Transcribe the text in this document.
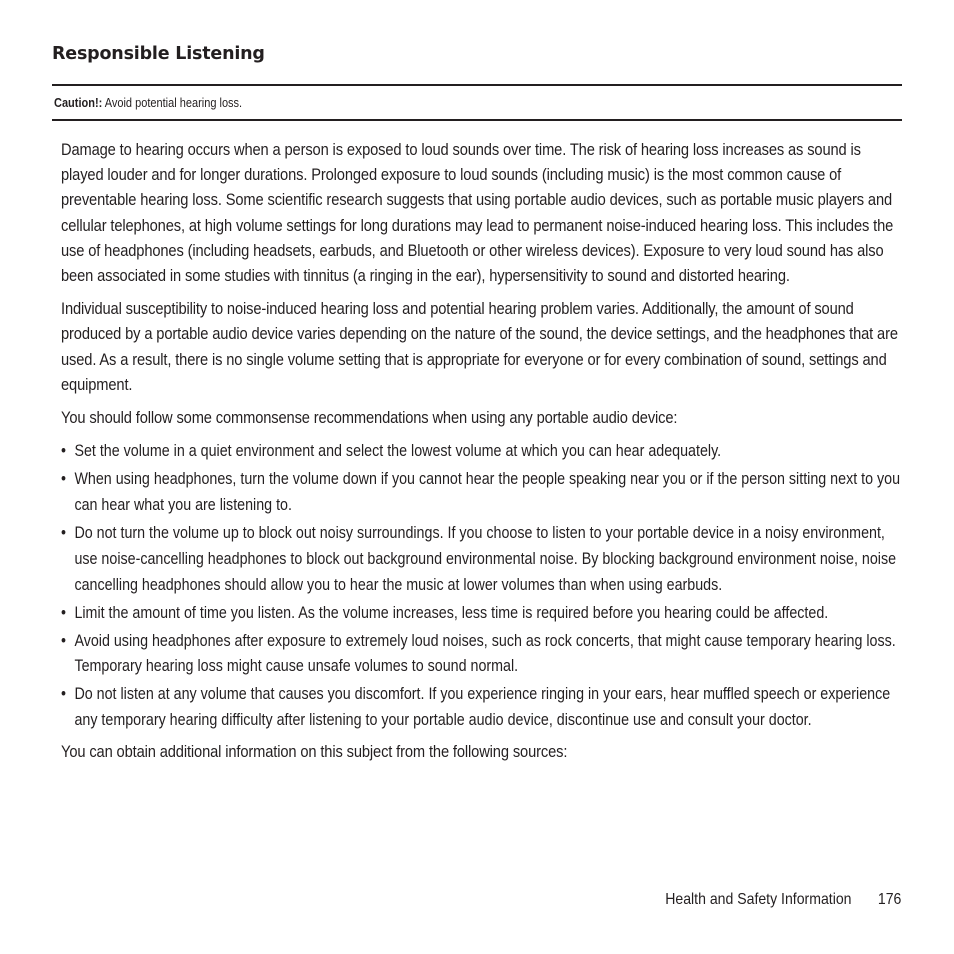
Responsible Listening
Caution!: Avoid potential hearing loss.

Damage to hearing occurs when a person is exposed to loud sounds over time. The risk of hearing loss increases as sound is played louder and for longer durations. Prolonged exposure to loud sounds (including music) is the most common cause of preventable hearing loss. Some scientific research suggests that using portable audio devices, such as portable music players and cellular telephones, at high volume settings for long durations may lead to permanent noise-induced hearing loss. This includes the use of headphones (including headsets, earbuds, and Bluetooth or other wireless devices). Exposure to very loud sound has also been associated in some studies with tinnitus (a ringing in the ear), hypersensitivity to sound and distorted hearing.

Individual susceptibility to noise-induced hearing loss and potential hearing problem varies. Additionally, the amount of sound produced by a portable audio device varies depending on the nature of the sound, the device settings, and the headphones that are used. As a result, there is no single volume setting that is appropriate for everyone or for every combination of sound, settings and equipment.

You should follow some commonsense recommendations when using any portable audio device:

• Set the volume in a quiet environment and select the lowest volume at which you can hear adequately.
• When using headphones, turn the volume down if you cannot hear the people speaking near you or if the person sitting next to you can hear what you are listening to.
• Do not turn the volume up to block out noisy surroundings. If you choose to listen to your portable device in a noisy environment, use noise-cancelling headphones to block out background environmental noise. By blocking background environment noise, noise cancelling headphones should allow you to hear the music at lower volumes than when using earbuds.
• Limit the amount of time you listen. As the volume increases, less time is required before you hearing could be affected.
• Avoid using headphones after exposure to extremely loud noises, such as rock concerts, that might cause temporary hearing loss. Temporary hearing loss might cause unsafe volumes to sound normal.
• Do not listen at any volume that causes you discomfort. If you experience ringing in your ears, hear muffled speech or experience any temporary hearing difficulty after listening to your portable audio device, discontinue use and consult your doctor.

You can obtain additional information on this subject from the following sources:

Health and Safety Information 176
